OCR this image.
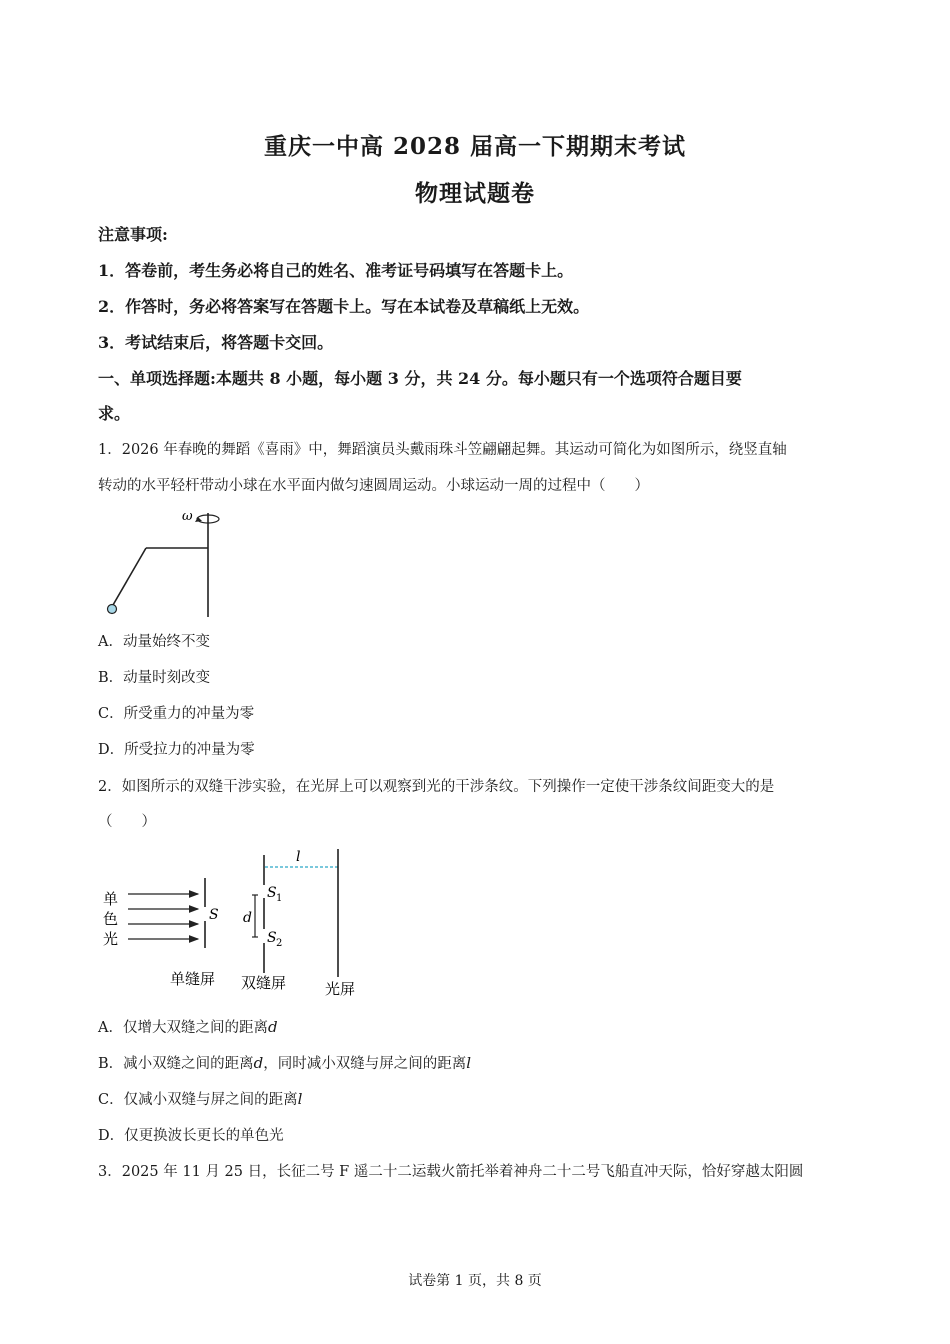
重庆一中高 2028 届高一下期期末考试
物理试题卷
注意事项:
1．答卷前，考生务必将自己的姓名、准考证号码填写在答题卡上。
2．作答时，务必将答案写在答题卡上。写在本试卷及草稿纸上无效。
3．考试结束后，将答题卡交回。
一、单项选择题:本题共 8 小题，每小题 3 分，共 24 分。每小题只有一个选项符合题目要
求。
1．2026 年春晚的舞蹈《喜雨》中，舞蹈演员头戴雨珠斗笠翩翩起舞。其运动可简化为如图所示，绕竖直轴
转动的水平轻杆带动小球在水平面内做匀速圆周运动。小球运动一周的过程中（　　）
ω
A．动量始终不变
B．动量时刻改变
C．所受重力的冲量为零
D．所受拉力的冲量为零
2．如图所示的双缝干涉实验，在光屏上可以观察到光的干涉条纹。下列操作一定使干涉条纹间距变大的是
（　　）
单
色
光
S
S 1
S 2
d
l
单缝屏 双缝屏	光屏
A．仅增大双缝之间的距离d
B．减小双缝之间的距离d，同时减小双缝与屏之间的距离l
C．仅减小双缝与屏之间的距离l
D．仅更换波长更长的单色光
3．2025 年 11 月 25 日，长征二号 F 遥二十二运载火箭托举着神舟二十二号飞船直冲天际，恰好穿越太阳圆
试卷第 1 页，共 8 页
